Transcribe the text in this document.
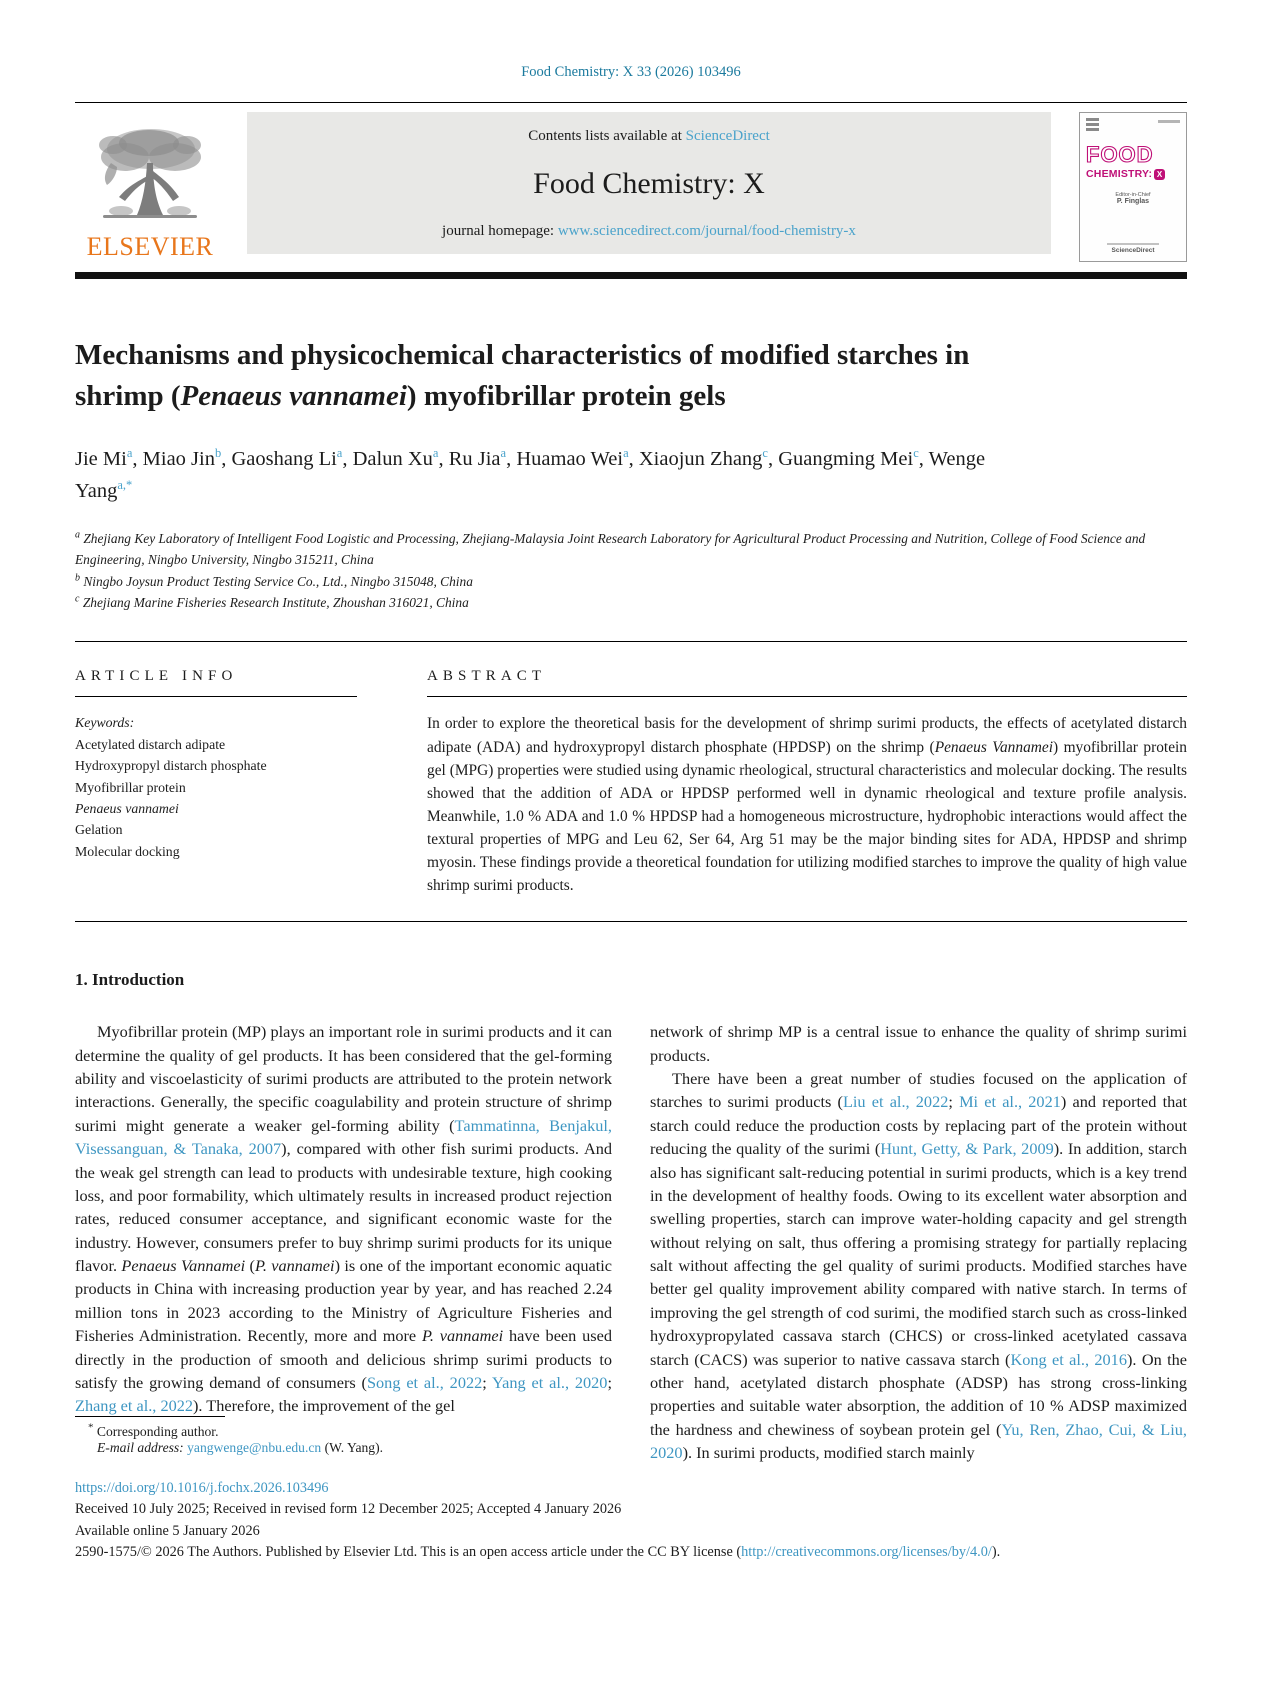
Food Chemistry: X 33 (2026) 103496
ELSEVIER
Contents lists available at ScienceDirect
Food Chemistry: X
journal homepage: www.sciencedirect.com/journal/food-chemistry-x
FOOD
CHEMISTRY: X
Editor-in-Chief
P. Finglas
ScienceDirect
Mechanisms and physicochemical characteristics of modified starches in shrimp (Penaeus vannamei) myofibrillar protein gels
Jie Mi$^a$, Miao Jin$^b$, Gaoshang Li$^a$, Dalun Xu$^a$, Ru Jia$^a$, Huamao Wei$^a$, Xiaojun Zhang$^c$, Guangming Mei$^c$, Wenge Yang$^{a,*}$
$^a$ Zhejiang Key Laboratory of Intelligent Food Logistic and Processing, Zhejiang-Malaysia Joint Research Laboratory for Agricultural Product Processing and Nutrition, College of Food Science and Engineering, Ningbo University, Ningbo 315211, China
$^b$ Ningbo Joysun Product Testing Service Co., Ltd., Ningbo 315048, China
$^c$ Zhejiang Marine Fisheries Research Institute, Zhoushan 316021, China
ARTICLE INFO
Keywords:
Acetylated distarch adipate
Hydroxypropyl distarch phosphate
Myofibrillar protein
Penaeus vannamei
Gelation
Molecular docking
ABSTRACT
In order to explore the theoretical basis for the development of shrimp surimi products, the effects of acetylated distarch adipate (ADA) and hydroxypropyl distarch phosphate (HPDSP) on the shrimp (Penaeus Vannamei) myofibrillar protein gel (MPG) properties were studied using dynamic rheological, structural characteristics and molecular docking. The results showed that the addition of ADA or HPDSP performed well in dynamic rheological and texture profile analysis. Meanwhile, 1.0 % ADA and 1.0 % HPDSP had a homogeneous microstructure, hydrophobic interactions would affect the textural properties of MPG and Leu 62, Ser 64, Arg 51 may be the major binding sites for ADA, HPDSP and shrimp myosin. These findings provide a theoretical foundation for utilizing modified starches to improve the quality of high value shrimp surimi products.
1. Introduction

Myofibrillar protein (MP) plays an important role in surimi products and it can determine the quality of gel products. It has been considered that the gel-forming ability and viscoelasticity of surimi products are attributed to the protein network interactions. Generally, the specific coagulability and protein structure of shrimp surimi might generate a weaker gel-forming ability (Tammatinna, Benjakul, Visessanguan, & Tanaka, 2007), compared with other fish surimi products. And the weak gel strength can lead to products with undesirable texture, high cooking loss, and poor formability, which ultimately results in increased product rejection rates, reduced consumer acceptance, and significant economic waste for the industry. However, consumers prefer to buy shrimp surimi products for its unique flavor. Penaeus Vannamei (P. vannamei) is one of the important economic aquatic products in China with increasing production year by year, and has reached 2.24 million tons in 2023 according to the Ministry of Agriculture Fisheries and Fisheries Administration. Recently, more and more P. vannamei have been used directly in the production of smooth and delicious shrimp surimi products to satisfy the growing demand of consumers (Song et al., 2022; Yang et al., 2020; Zhang et al., 2022). Therefore, the improvement of the gel

network of shrimp MP is a central issue to enhance the quality of shrimp surimi products.

There have been a great number of studies focused on the application of starches to surimi products (Liu et al., 2022; Mi et al., 2021) and reported that starch could reduce the production costs by replacing part of the protein without reducing the quality of the surimi (Hunt, Getty, & Park, 2009). In addition, starch also has significant salt-reducing potential in surimi products, which is a key trend in the development of healthy foods. Owing to its excellent water absorption and swelling properties, starch can improve water-holding capacity and gel strength without relying on salt, thus offering a promising strategy for partially replacing salt without affecting the gel quality of surimi products. Modified starches have better gel quality improvement ability compared with native starch. In terms of improving the gel strength of cod surimi, the modified starch such as cross-linked hydroxypropylated cassava starch (CHCS) or cross-linked acetylated cassava starch (CACS) was superior to native cassava starch (Kong et al., 2016). On the other hand, acetylated distarch phosphate (ADSP) has strong cross-linking properties and suitable water absorption, the addition of 10 % ADSP maximized the hardness and chewiness of soybean protein gel (Yu, Ren, Zhao, Cui, & Liu, 2020). In surimi products, modified starch mainly

* Corresponding author.
E-mail address: yangwenge@nbu.edu.cn (W. Yang).
https://doi.org/10.1016/j.fochx.2026.103496
Received 10 July 2025; Received in revised form 12 December 2025; Accepted 4 January 2026
Available online 5 January 2026
2590-1575/© 2026 The Authors. Published by Elsevier Ltd. This is an open access article under the CC BY license (http://creativecommons.org/licenses/by/4.0/).
